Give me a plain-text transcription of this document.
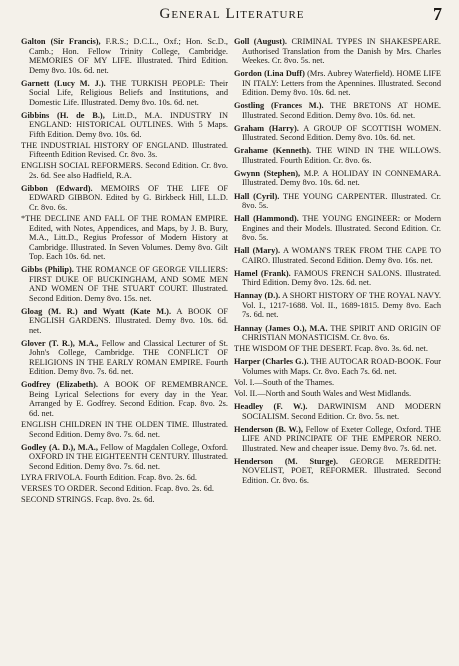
General Literature	7
Galton (Sir Francis), F.R.S.; D.C.L., Oxf.; Hon. Sc.D., Camb.; Hon. Fellow Trinity College, Cambridge. MEMORIES OF MY LIFE. Illustrated. Third Edition. Demy 8vo. 10s. 6d. net.
Garnett (Lucy M. J.). THE TURKISH PEOPLE: Their Social Life, Religious Beliefs and Institutions, and Domestic Life. Illustrated. Demy 8vo. 10s. 6d. net.
Gibbins (H. de B.), Litt.D., M.A. INDUSTRY IN ENGLAND: HISTORICAL OUTLINES. With 5 Maps. Fifth Edition. Demy 8vo. 10s. 6d.
THE INDUSTRIAL HISTORY OF ENGLAND. Illustrated. Fifteenth Edition Revised. Cr. 8vo. 3s.
ENGLISH SOCIAL REFORMERS. Second Edition. Cr. 8vo. 2s. 6d. See also Hadfield, R.A.
Gibbon (Edward). MEMOIRS OF THE LIFE OF EDWARD GIBBON. Edited by G. Birkbeck Hill, LL.D. Cr. 8vo. 6s.
*THE DECLINE AND FALL OF THE ROMAN EMPIRE. Edited, with Notes, Appendices, and Maps, by J. B. Bury, M.A., Litt.D., Regius Professor of Modern History at Cambridge. Illustrated. In Seven Volumes. Demy 8vo. Gilt Top. Each 10s. 6d. net.
Gibbs (Philip). THE ROMANCE OF GEORGE VILLIERS: FIRST DUKE OF BUCKINGHAM, AND SOME MEN AND WOMEN OF THE STUART COURT. Illustrated. Second Edition. Demy 8vo. 15s. net.
Gloag (M. R.) and Wyatt (Kate M.). A BOOK OF ENGLISH GARDENS. Illustrated. Demy 8vo. 10s. 6d. net.
Glover (T. R.), M.A., Fellow and Classical Lecturer of St. John's College, Cambridge. THE CONFLICT OF RELIGIONS IN THE EARLY ROMAN EMPIRE. Fourth Edition. Demy 8vo. 7s. 6d. net.
Godfrey (Elizabeth). A BOOK OF REMEMBRANCE. Being Lyrical Selections for every day in the Year. Arranged by E. Godfrey. Second Edition. Fcap. 8vo. 2s. 6d. net.
ENGLISH CHILDREN IN THE OLDEN TIME. Illustrated. Second Edition. Demy 8vo. 7s. 6d. net.
Godley (A. D.), M.A., Fellow of Magdalen College, Oxford. OXFORD IN THE EIGHTEENTH CENTURY. Illustrated. Second Edition. Demy 8vo. 7s. 6d. net.
LYRA FRIVOLA. Fourth Edition. Fcap. 8vo. 2s. 6d.
VERSES TO ORDER. Second Edition. Fcap. 8vo. 2s. 6d.
SECOND STRINGS. Fcap. 8vo. 2s. 6d.
Goll (August). CRIMINAL TYPES IN SHAKESPEARE. Authorised Translation from the Danish by Mrs. Charles Weekes. Cr. 8vo. 5s. net.
Gordon (Lina Duff) (Mrs. Aubrey Waterfield). HOME LIFE IN ITALY: Letters from the Apennines. Illustrated. Second Edition. Demy 8vo. 10s. 6d. net.
Gostling (Frances M.). THE BRETONS AT HOME. Illustrated. Second Edition. Demy 8vo. 10s. 6d. net.
Graham (Harry). A GROUP OF SCOTTISH WOMEN. Illustrated. Second Edition. Demy 8vo. 10s. 6d. net.
Grahame (Kenneth). THE WIND IN THE WILLOWS. Illustrated. Fourth Edition. Cr. 8vo. 6s.
Gwynn (Stephen), M.P. A HOLIDAY IN CONNEMARA. Illustrated. Demy 8vo. 10s. 6d. net.
Hall (Cyril). THE YOUNG CARPENTER. Illustrated. Cr. 8vo. 5s.
Hall (Hammond). THE YOUNG ENGINEER: or Modern Engines and their Models. Illustrated. Second Edition. Cr. 8vo. 5s.
Hall (Mary). A WOMAN'S TREK FROM THE CAPE TO CAIRO. Illustrated. Second Edition. Demy 8vo. 16s. net.
Hamel (Frank). FAMOUS FRENCH SALONS. Illustrated. Third Edition. Demy 8vo. 12s. 6d. net.
Hannay (D.). A SHORT HISTORY OF THE ROYAL NAVY. Vol. I., 1217-1688. Vol. II., 1689-1815. Demy 8vo. Each 7s. 6d. net.
Hannay (James O.), M.A. THE SPIRIT AND ORIGIN OF CHRISTIAN MONASTICISM. Cr. 8vo. 6s.
THE WISDOM OF THE DESERT. Fcap. 8vo. 3s. 6d. net.
Harper (Charles G.). THE AUTOCAR ROAD-BOOK. Four Volumes with Maps. Cr. 8vo. Each 7s. 6d. net.
Vol. I.—South of the Thames.
Vol. II.—North and South Wales and West Midlands.
Headley (F. W.). DARWINISM AND MODERN SOCIALISM. Second Edition. Cr. 8vo. 5s. net.
Henderson (B. W.), Fellow of Exeter College, Oxford. THE LIFE AND PRINCIPATE OF THE EMPEROR NERO. Illustrated. New and cheaper issue. Demy 8vo. 7s. 6d. net.
Henderson (M. Sturge). GEORGE MEREDITH: NOVELIST, POET, REFORMER. Illustrated. Second Edition. Cr. 8vo. 6s.
